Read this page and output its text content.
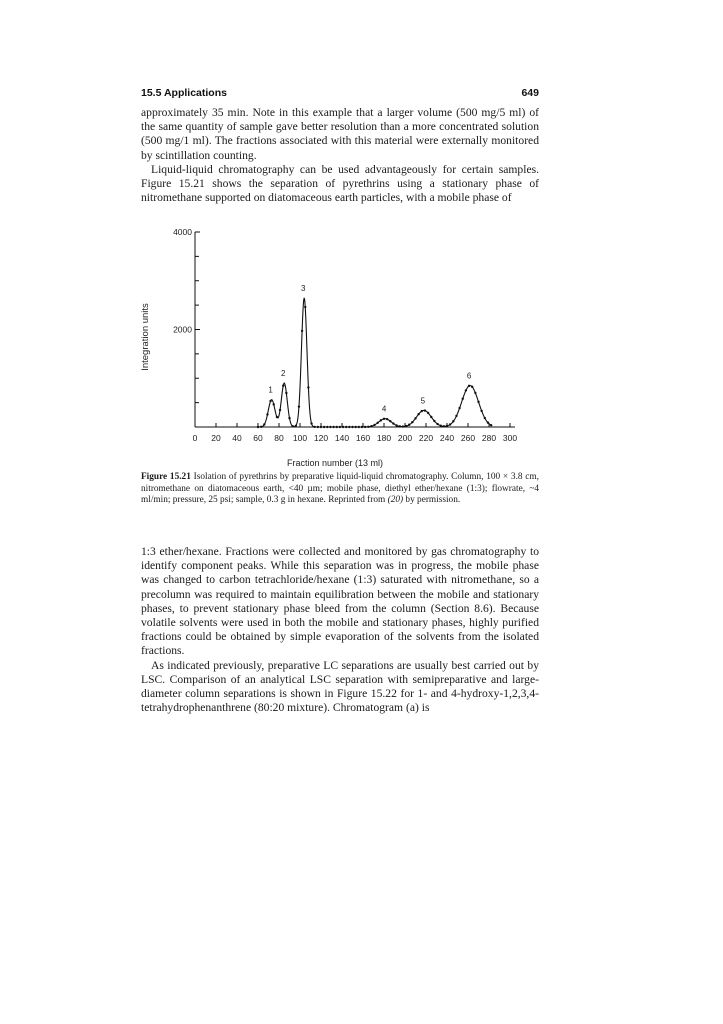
15.5 Applications	649

approximately 35 min. Note in this example that a larger volume (500 mg/5 ml) of the same quantity of sample gave better resolution than a more concentrated solution (500 mg/1 ml). The fractions associated with this material were externally monitored by scintillation counting.

Liquid-liquid chromatography can be used advantageously for certain samples. Figure 15.21 shows the separation of pyrethrins using a stationary phase of nitromethane supported on diatomaceous earth particles, with a mobile phase of

0 20 40 60 80 100 120 140 160 180 200 220 240 260 280 300
4000
2000
1
2
3
4
5
6
Integration units
Fraction number (13 ml)
Figure 15.21 Isolation of pyrethrins by preparative liquid-liquid chromatography. Column, 100 × 3.8 cm, nitromethane on diatomaceous earth, <40 µm; mobile phase, diethyl ether/hexane (1:3); flowrate, ~4 ml/min; pressure, 25 psi; sample, 0.3 g in hexane. Reprinted from (20) by permission.

1:3 ether/hexane. Fractions were collected and monitored by gas chromatography to identify component peaks. While this separation was in progress, the mobile phase was changed to carbon tetrachloride/hexane (1:3) saturated with nitromethane, so a precolumn was required to maintain equilibration between the mobile and stationary phases, to prevent stationary phase bleed from the column (Section 8.6). Because volatile solvents were used in both the mobile and stationary phases, highly purified fractions could be obtained by simple evaporation of the solvents from the isolated fractions.

As indicated previously, preparative LC separations are usually best carried out by LSC. Comparison of an analytical LSC separation with semipreparative and large-diameter column separations is shown in Figure 15.22 for 1- and 4-hydroxy-1,2,3,4-tetrahydrophenanthrene (80:20 mixture). Chromatogram (a) is
